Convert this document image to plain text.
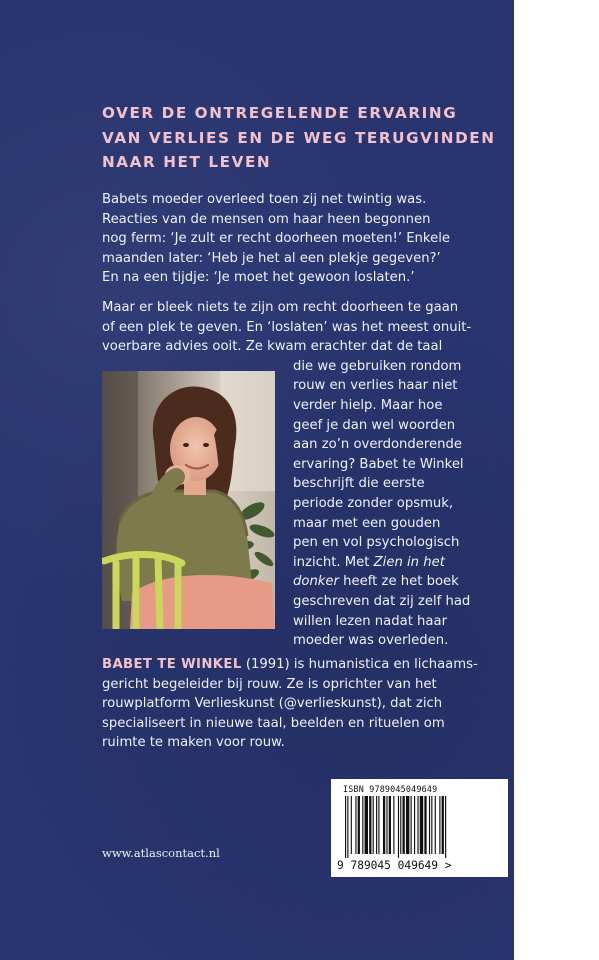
OVER DE ONTREGELENDE ERVARING
VAN VERLIES EN DE WEG TERUGVINDEN
NAAR HET LEVEN

Babets moeder overleed toen zij net twintig was.
Reacties van de mensen om haar heen begonnen
nog ferm: ‘Je zult er recht doorheen moeten!’ Enkele
maanden later: ‘Heb je het al een plekje gegeven?’
En na een tijdje: ‘Je moet het gewoon loslaten.’

Maar er bleek niets te zijn om recht doorheen te gaan
of een plek te geven. En ‘loslaten’ was het meest onuit-
voerbare advies ooit. Ze kwam erachter dat de taal
die we gebruiken rondom
rouw en verlies haar niet
verder hielp. Maar hoe
geef je dan wel woorden
aan zo’n overdonderende
ervaring? Babet te Winkel
beschrijft die eerste
periode zonder opsmuk,
maar met een gouden
pen en vol psychologisch
inzicht. Met Zien in het
donker heeft ze het boek
geschreven dat zij zelf had
willen lezen nadat haar
moeder was overleden.

BABET TE WINKEL (1991) is humanistica en lichaams-
gericht begeleider bij rouw. Ze is oprichter van het
rouwplatform Verlieskunst (@verlieskunst), dat zich
specialiseert in nieuwe taal, beelden en rituelen om
ruimte te maken voor rouw.

www.atlascontact.nl
ISBN 9789045049649
9 789045 049649 >
